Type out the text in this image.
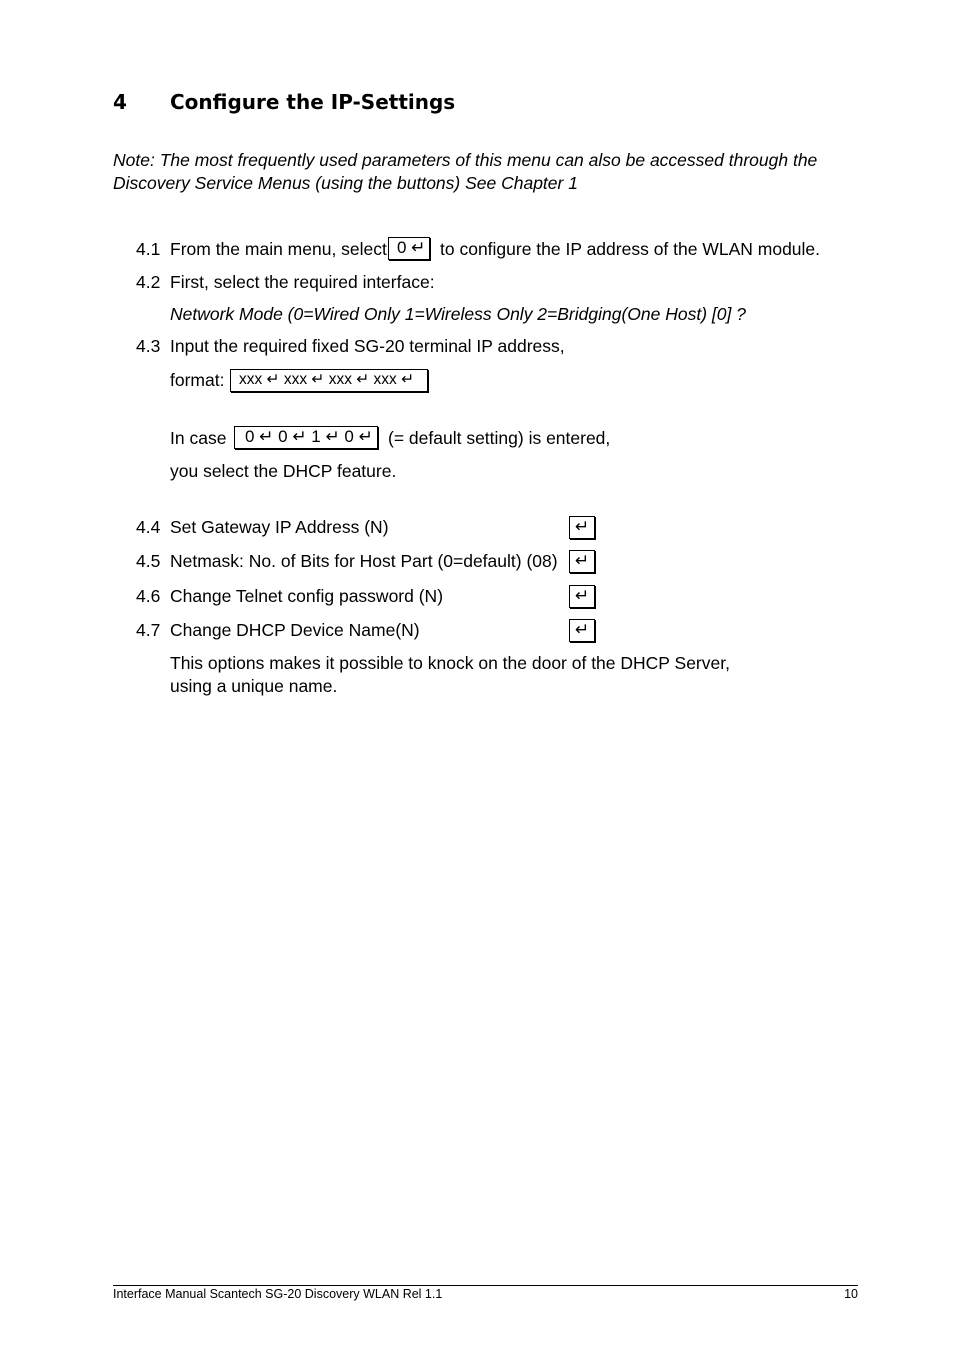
4 Configure the IP-Settings
Note: The most frequently used parameters of this menu can also be accessed through the
Discovery Service Menus (using the buttons) See Chapter 1
4.1 From the main menu, select 0 ↵ to configure the IP address of the WLAN module.
4.2 First, select the required interface:
Network Mode (0=Wired Only 1=Wireless Only 2=Bridging(One Host) [0] ?
4.3 Input the required fixed SG-20 terminal IP address,
format: xxx ↵ xxx ↵ xxx ↵ xxx ↵
In case	0 ↵ 0 ↵ 1 ↵ 0 ↵ (= default setting) is entered,
you select the DHCP feature.
4.4 Set Gateway IP Address (N)	↵
4.5 Netmask: No. of Bits for Host Part (0=default) (08)	↵
4.6 Change Telnet config password (N)	↵
4.7 Change DHCP Device Name(N)	↵
This options makes it possible to knock on the door of the DHCP Server,
using a unique name.
Interface Manual Scantech SG-20 Discovery WLAN Rel 1.1	10
